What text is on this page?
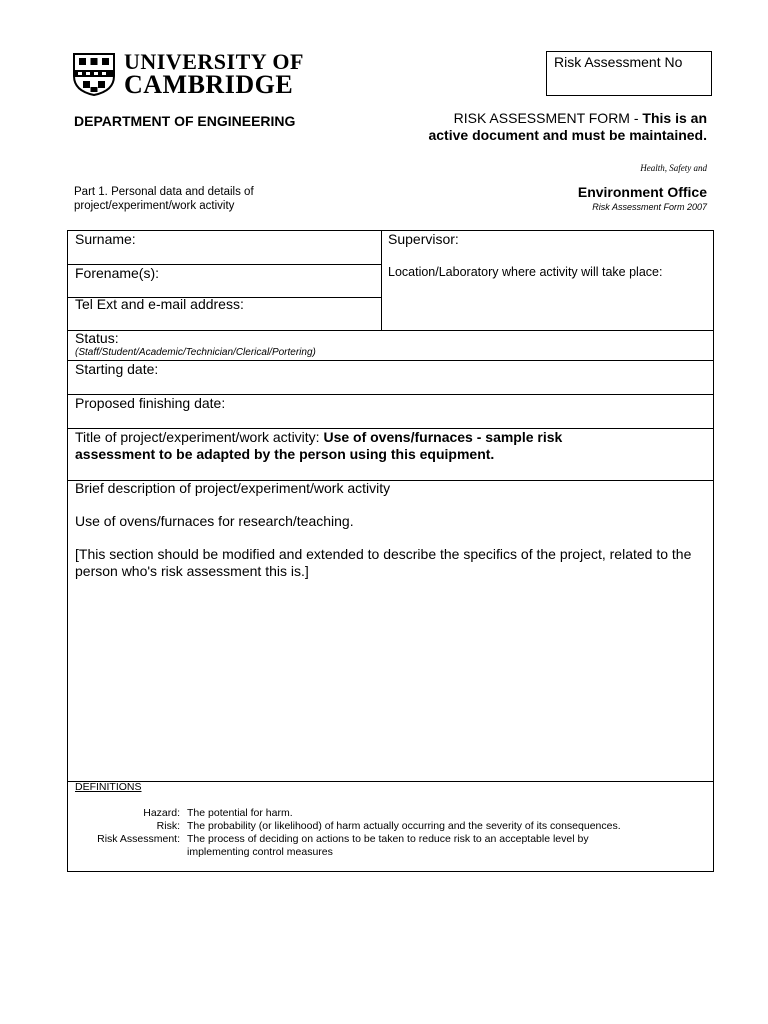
UNIVERSITY OF
CAMBRIDGE
Risk Assessment No
DEPARTMENT OF ENGINEERING	RISK ASSESSMENT FORM - This is an
active document and must be maintained.
Health, Safety and
Part 1. Personal data and details of
project/experiment/work activity
Environment Office
Risk Assessment Form 2007
Surname:	Supervisor:
Forename(s):	Location/Laboratory where activity will take place:
Tel Ext and e-mail address:
Status:
(Staff/Student/Academic/Technician/Clerical/Portering)
Starting date:
Proposed finishing date:
Title of project/experiment/work activity: Use of ovens/furnaces - sample risk
assessment to be adapted by the person using this equipment.
Brief description of project/experiment/work activity
Use of ovens/furnaces for research/teaching.
[This section should be modified and extended to describe the specifics of the project, related to the person who's risk assessment this is.]
DEFINITIONS
Hazard: The potential for harm.
Risk: The probability (or likelihood) of harm actually occurring and the severity of its consequences.
Risk Assessment: The process of deciding on actions to be taken to reduce risk to an acceptable level by implementing control measures
